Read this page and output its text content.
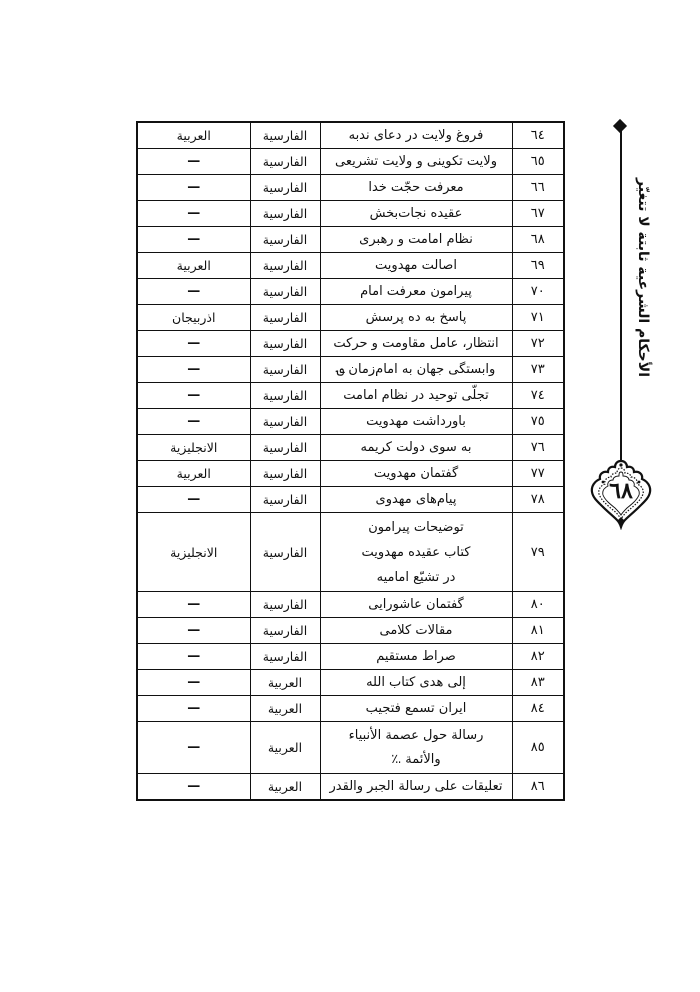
٦٤	فروغ ولايت در دعاى ندبه	الفارسية	العربية
٦٥	ولايت تكوينى و ولايت تشريعى	الفارسية	—
٦٦	معرفت حجّت خدا	الفارسية	—
٦٧	عقيده نجات‌بخش	الفارسية	—
٦٨	نظام امامت و رهبرى	الفارسية	—
٦٩	اصالت مهدويت	الفارسية	العربية
٧٠	پيرامون معرفت امام	الفارسية	—
٧١	پاسخ به ده پرسش	الفارسية	اذربيجان
٧٢	انتظار، عامل مقاومت و حركت	الفارسية	—
٧٣	وابستگى جهان به امام‌زمان ؈	الفارسية	—
٧٤	تجلّى توحيد در نظام امامت	الفارسية	—
٧٥	باورداشت مهدويت	الفارسية	—
٧٦	به سوى دولت كريمه	الفارسية	الانجليزية
٧٧	گفتمان مهدويت	الفارسية	العربية
٧٨	پيام‌هاى مهدوى	الفارسية	—
٧٩	توضيحات پيرامون
كتاب عقيده مهدويت
در تشيّع اماميه	الفارسية	الانجليزية
٨٠	گفتمان عاشورايى	الفارسية	—
٨١	مقالات كلامى	الفارسية	—
٨٢	صراط مستقيم	الفارسية	—
٨٣	إلى هدى كتاب الله	العربية	—
٨٤	ايران تسمع فتجيب	العربية	—
٨٥	رسالة حول عصمة الأنبياء
والأئمة ؉	العربية	—
٨٦	تعليقات على رسالة الجبر والقدر	العربية	—
الأحكام الشرعية ثابتة لا تتغيّر
٦٨
